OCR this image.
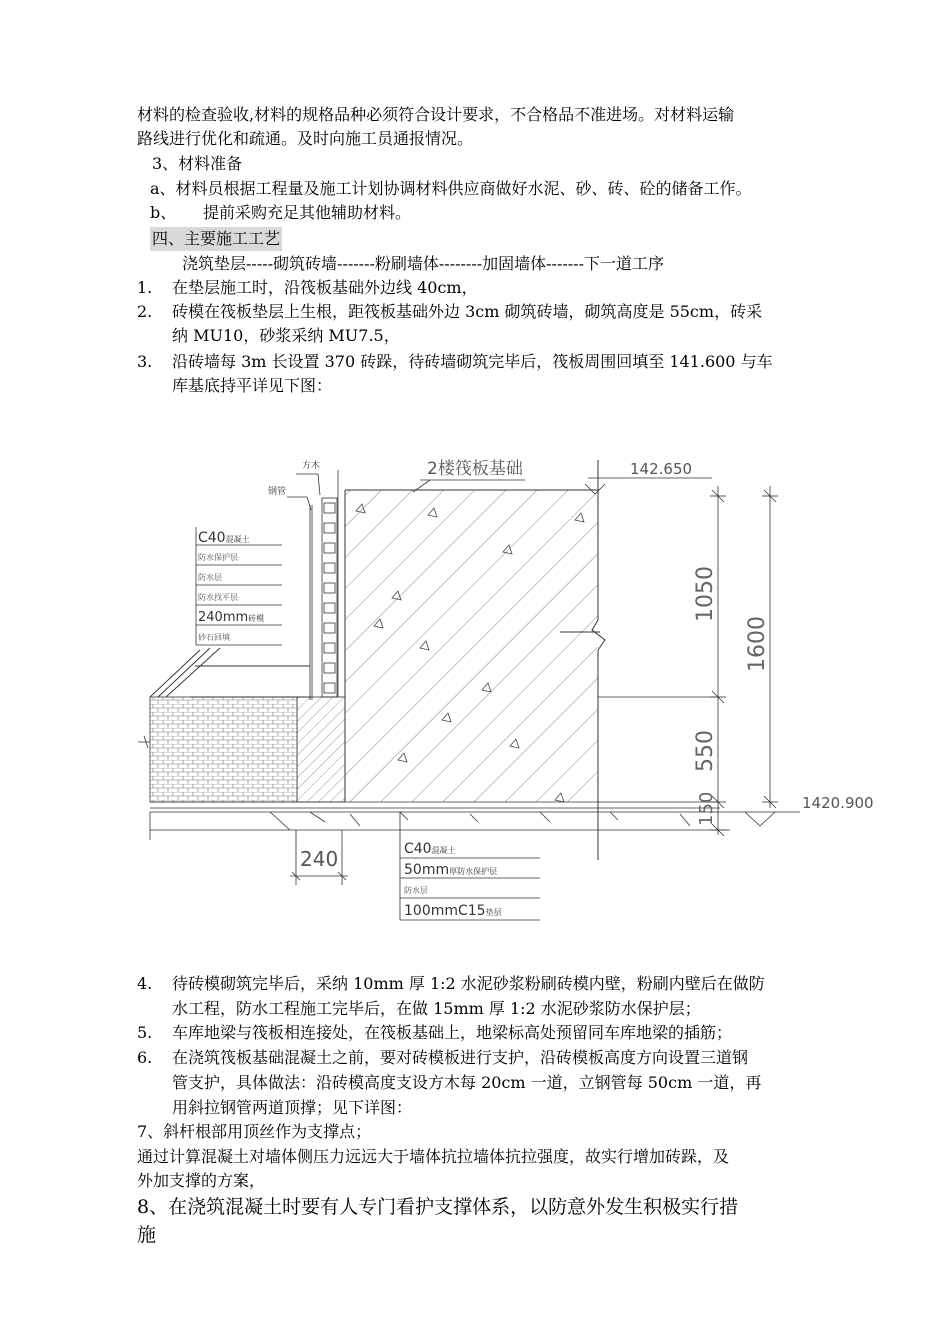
材料的检查验收,材料的规格品种必须符合设计要求，不合格品不准进场。对材料运输
路线进行优化和疏通。及时向施工员通报情况。
3、材料准备
a、材料员根据工程量及施工计划协调材料供应商做好水泥、砂、砖、砼的储备工作。
b、 提前采购充足其他辅助材料。
四、主要施工工艺
浇筑垫层-----砌筑砖墙-------粉刷墙体--------加固墙体-------下一道工序
1. 在垫层施工时，沿筏板基础外边线 40cm，
2. 砖模在筏板垫层上生根，距筏板基础外边 3cm 砌筑砖墙，砌筑高度是 55cm，砖采
纳 MU10，砂浆采纳 MU7.5，
3. 沿砖墙每 3m 长设置 370 砖跺，待砖墙砌筑完毕后，筏板周围回填至 141.600 与车
库基底持平详见下图：
方木
钢管
2楼筏板基础	142.650
240
1050
550
150
1600
1420.900
C40混凝土
防水保护层
防水层
防水找平层
240mm砖模
砂石回填
C40混凝土
50mm厚防水保护层
防水层
100mmC15垫层
4. 待砖模砌筑完毕后，采纳 10mm 厚 1:2 水泥砂浆粉刷砖模内壁，粉刷内壁后在做防
水工程，防水工程施工完毕后，在做 15mm 厚 1:2 水泥砂浆防水保护层；
5. 车库地梁与筏板相连接处，在筏板基础上，地梁标高处预留同车库地梁的插筋；
6. 在浇筑筏板基础混凝土之前，要对砖模板进行支护，沿砖模板高度方向设置三道钢
管支护，具体做法：沿砖模高度支设方木每 20cm 一道，立钢管每 50cm 一道，再
用斜拉钢管两道顶撑；见下详图：
7、斜杆根部用顶丝作为支撑点；
通过计算混凝土对墙体侧压力远远大于墙体抗拉墙体抗拉强度，故实行增加砖跺，及
外加支撑的方案，
8、在浇筑混凝土时要有人专门看护支撑体系，以防意外发生积极实行措
施
